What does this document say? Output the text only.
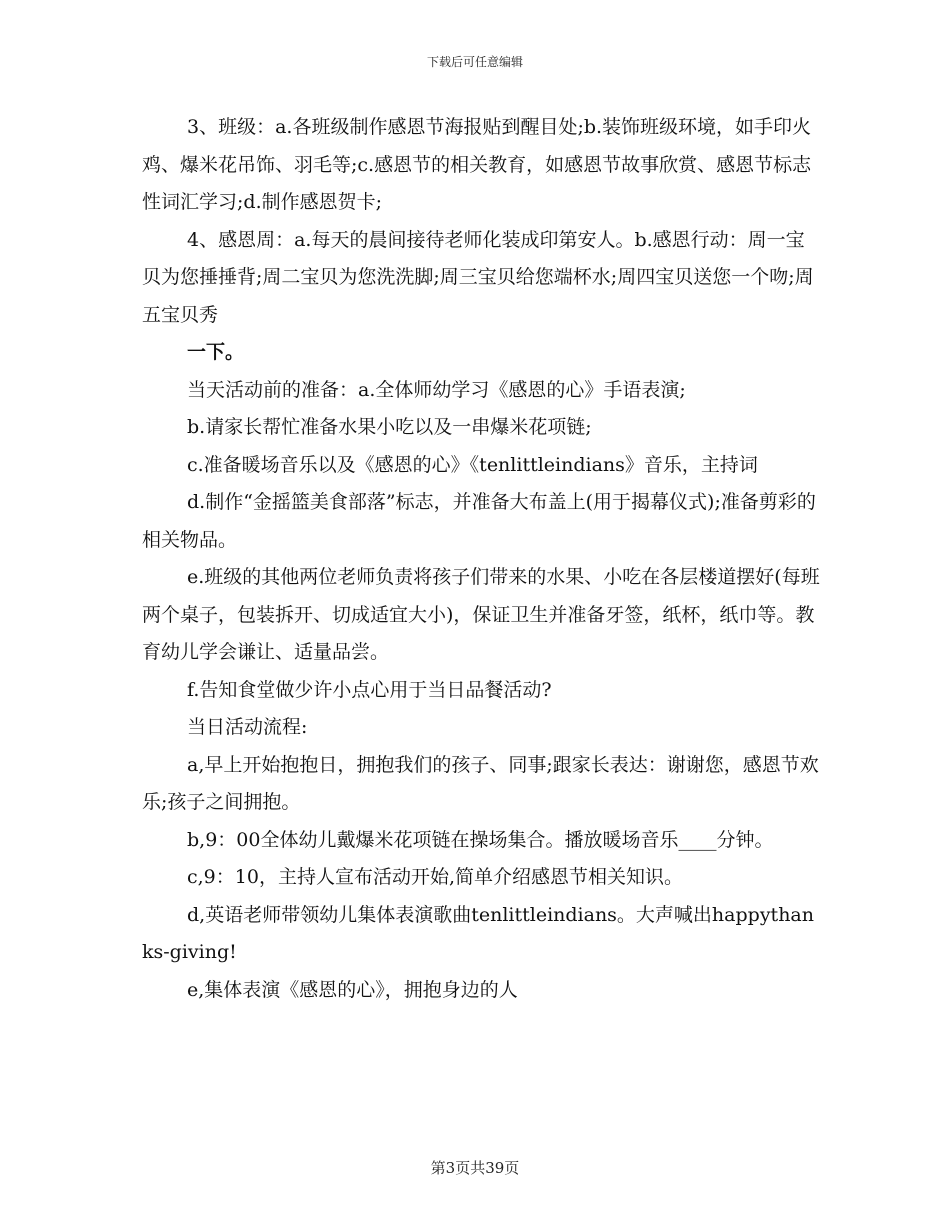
下载后可任意编辑

3、班级：a.各班级制作感恩节海报贴到醒目处;b.装饰班级环境，如手印火鸡、爆米花吊饰、羽毛等;c.感恩节的相关教育，如感恩节故事欣赏、感恩节标志性词汇学习;d.制作感恩贺卡;

4、感恩周：a.每天的晨间接待老师化装成印第安人。b.感恩行动：周一宝贝为您捶捶背;周二宝贝为您洗洗脚;周三宝贝给您端杯水;周四宝贝送您一个吻;周五宝贝秀

一下。

当天活动前的准备：a.全体师幼学习《感恩的心》手语表演;

b.请家长帮忙准备水果小吃以及一串爆米花项链;

c.准备暖场音乐以及《感恩的心》《tenlittleindians》音乐，主持词

d.制作“金摇篮美食部落”标志，并准备大布盖上(用于揭幕仪式);准备剪彩的相关物品。

e.班级的其他两位老师负责将孩子们带来的水果、小吃在各层楼道摆好(每班两个桌子，包装拆开、切成适宜大小)，保证卫生并准备牙签，纸杯，纸巾等。教育幼儿学会谦让、适量品尝。

f.告知食堂做少许小点心用于当日品餐活动?

当日活动流程:

a,早上开始抱抱日，拥抱我们的孩子、同事;跟家长表达：谢谢您，感恩节欢乐;孩子之间拥抱。

b,9：00全体幼儿戴爆米花项链在操场集合。播放暖场音乐____分钟。

c,9：10，主持人宣布活动开始,简单介绍感恩节相关知识。

d,英语老师带领幼儿集体表演歌曲tenlittleindians。大声喊出happythanks-giving!

e,集体表演《感恩的心》，拥抱身边的人

第3页共39页
